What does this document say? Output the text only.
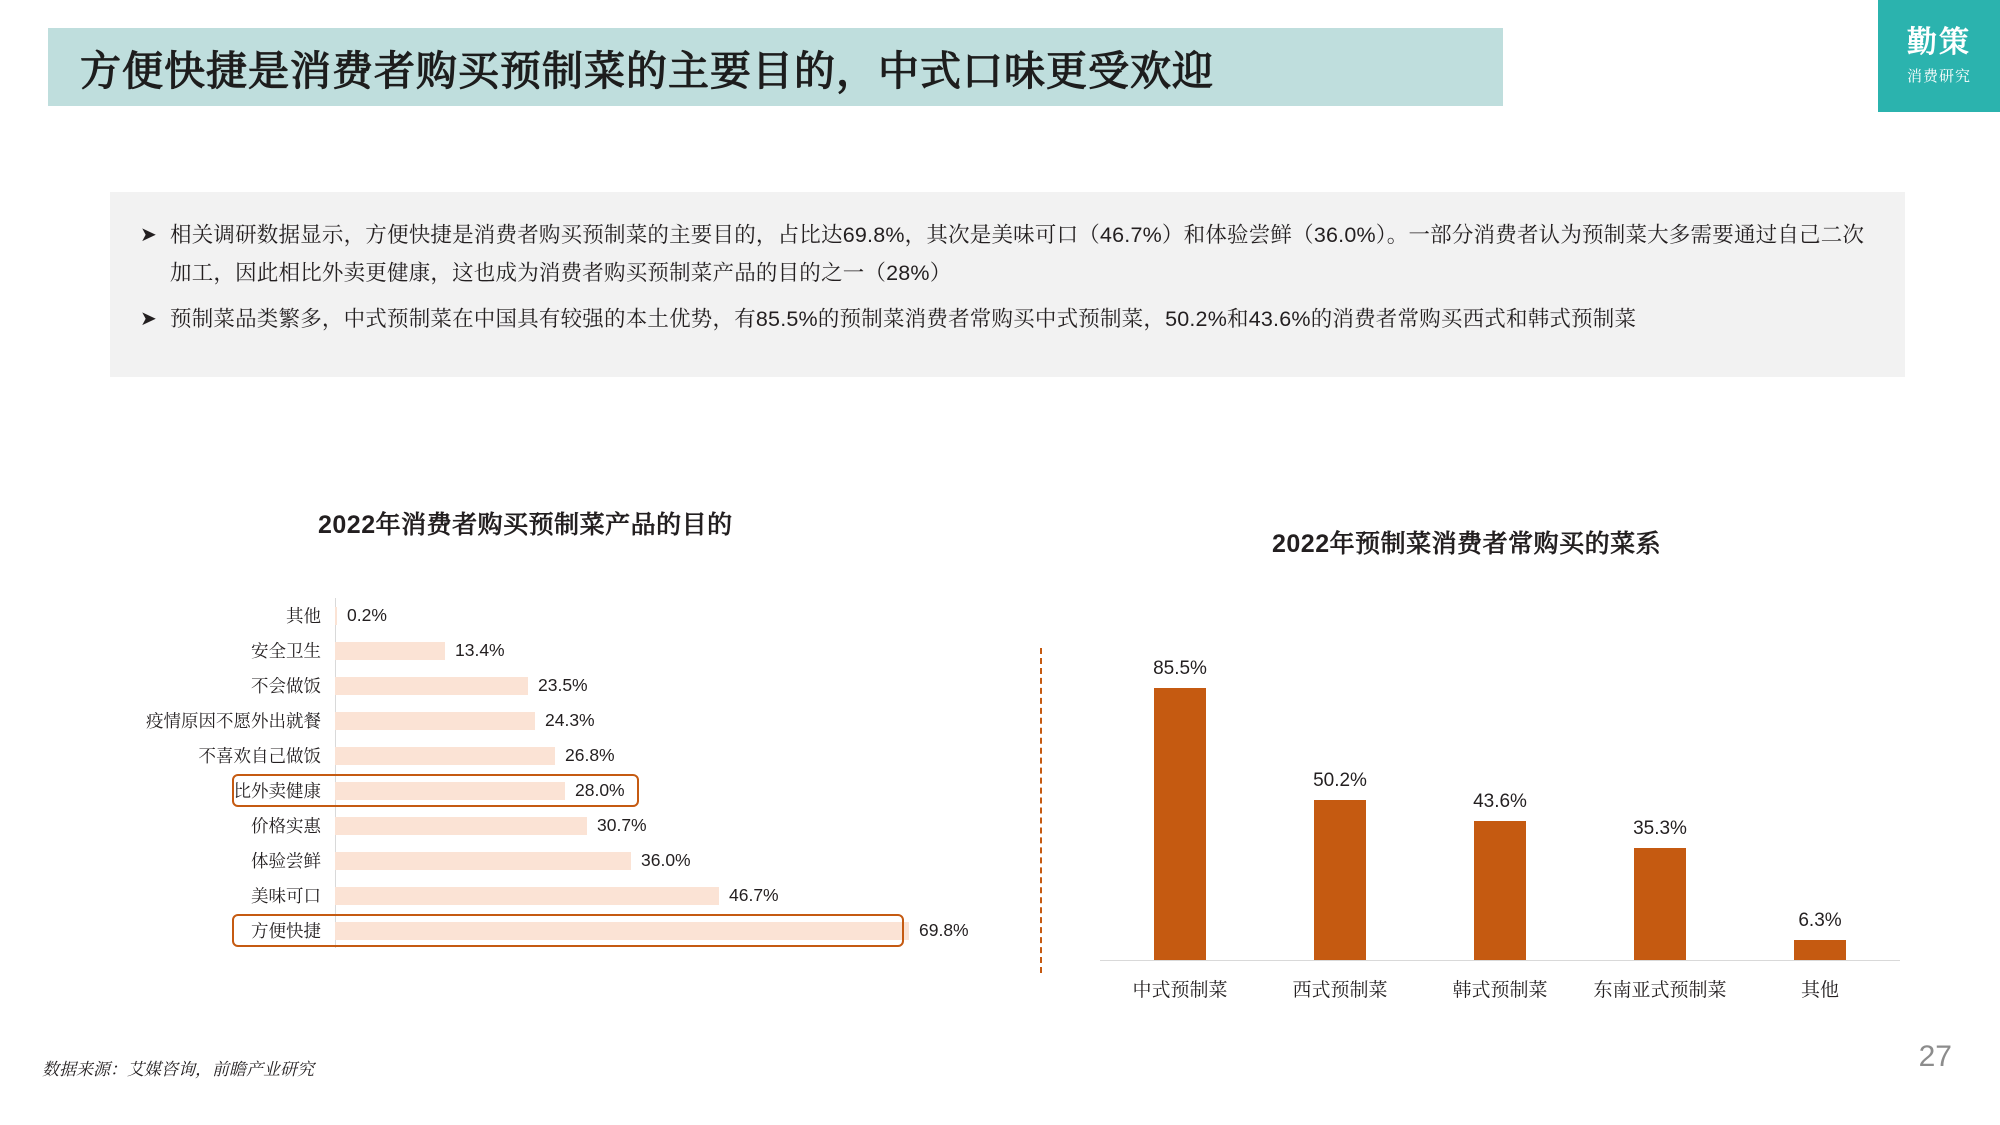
方便快捷是消费者购买预制菜的主要目的，中式口味更受欢迎
勤策
消费研究
➤ 相关调研数据显示，方便快捷是消费者购买预制菜的主要目的，占比达69.8%，其次是美味可口（46.7%）和体验尝鲜（36.0%）。一部分消费者认为预制菜大多需要通过自己二次加工，因此相比外卖更健康，这也成为消费者购买预制菜产品的目的之一（28%）
➤ 预制菜品类繁多，中式预制菜在中国具有较强的本土优势，有85.5%的预制菜消费者常购买中式预制菜，50.2%和43.6%的消费者常购买西式和韩式预制菜
2022年消费者购买预制菜产品的目的
其他	0.2%
安全卫生	13.4%
不会做饭	23.5%
疫情原因不愿外出就餐	24.3%
不喜欢自己做饭	26.8%
比外卖健康	28.0%
价格实惠	30.7%
体验尝鲜	36.0%
美味可口	46.7%
方便快捷	69.8%
2022年预制菜消费者常购买的菜系
85.5%
50.2%
43.6%
35.3%
6.3%
中式预制菜	西式预制菜	韩式预制菜	东南亚式预制菜	其他
数据来源：艾媒咨询，前瞻产业研究	27
